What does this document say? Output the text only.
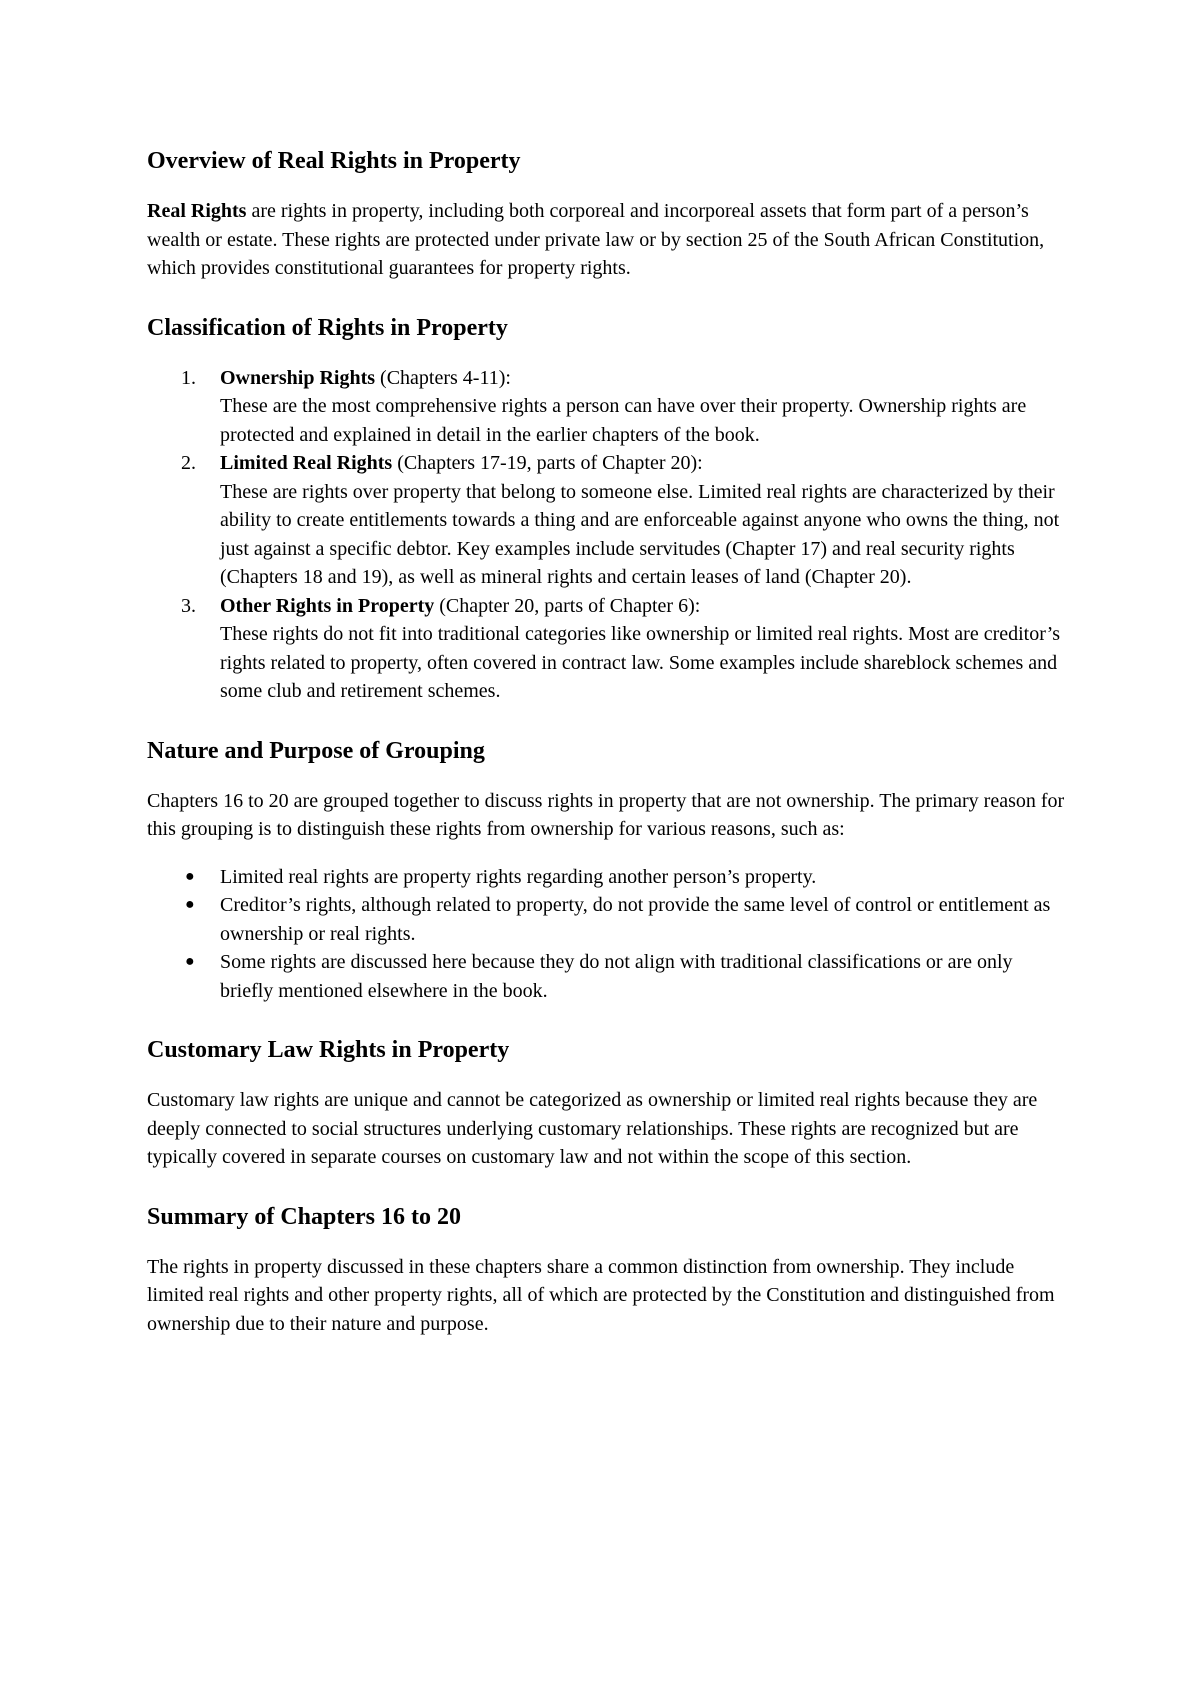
Overview of Real Rights in Property

Real Rights are rights in property, including both corporeal and incorporeal assets that form part of a person’s wealth or estate. These rights are protected under private law or by section 25 of the South African Constitution, which provides constitutional guarantees for property rights.

Classification of Rights in Property
1. Ownership Rights (Chapters 4-11):
These are the most comprehensive rights a person can have over their property. Ownership rights are protected and explained in detail in the earlier chapters of the book.
2. Limited Real Rights (Chapters 17-19, parts of Chapter 20):
These are rights over property that belong to someone else. Limited real rights are characterized by their ability to create entitlements towards a thing and are enforceable against anyone who owns the thing, not just against a specific debtor. Key examples include servitudes (Chapter 17) and real security rights (Chapters 18 and 19), as well as mineral rights and certain leases of land (Chapter 20).
3. Other Rights in Property (Chapter 20, parts of Chapter 6):
These rights do not fit into traditional categories like ownership or limited real rights. Most are creditor’s rights related to property, often covered in contract law. Some examples include shareblock schemes and some club and retirement schemes.
Nature and Purpose of Grouping

Chapters 16 to 20 are grouped together to discuss rights in property that are not ownership. The primary reason for this grouping is to distinguish these rights from ownership for various reasons, such as:

● Limited real rights are property rights regarding another person’s property.
● Creditor’s rights, although related to property, do not provide the same level of control or entitlement as ownership or real rights.
● Some rights are discussed here because they do not align with traditional classifications or are only briefly mentioned elsewhere in the book.
Customary Law Rights in Property

Customary law rights are unique and cannot be categorized as ownership or limited real rights because they are deeply connected to social structures underlying customary relationships. These rights are recognized but are typically covered in separate courses on customary law and not within the scope of this section.

Summary of Chapters 16 to 20

The rights in property discussed in these chapters share a common distinction from ownership. They include limited real rights and other property rights, all of which are protected by the Constitution and distinguished from ownership due to their nature and purpose.
